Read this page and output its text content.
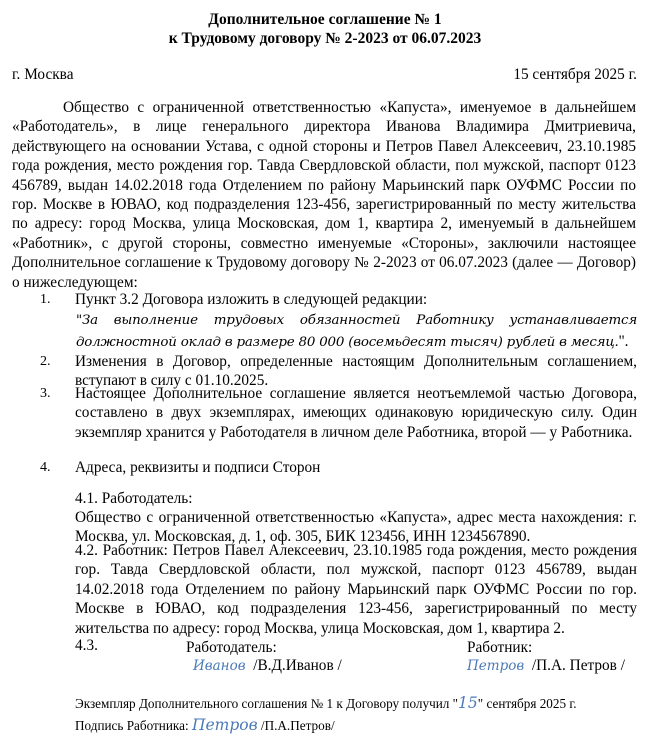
Дополнительное соглашение № 1
к Трудовому договору № 2-2023 от 06.07.2023
г. Москва	15 сентября 2025 г.
Общество с ограниченной ответственностью «Капуста», именуемое в дальнейшем «Работодатель», в лице генерального директора Иванова Владимира Дмитриевича, действующего на основании Устава, с одной стороны и Петров Павел Алексеевич, 23.10.1985 года рождения, место рождения гор. Тавда Свердловской области, пол мужской, паспорт 0123 456789, выдан 14.02.2018 года Отделением по району Марьинский парк ОУФМС России по гор. Москве в ЮВАО, код подразделения 123-456, зарегистрированный по месту жительства по адресу: город Москва, улица Московская, дом 1, квартира 2, именуемый в дальнейшем «Работник», с другой стороны, совместно именуемые «Стороны», заключили настоящее Дополнительное соглашение к Трудовому договору № 2-2023 от 06.07.2023 (далее — Договор) о нижеследующем:
1.	Пункт 3.2 Договора изложить в следующей редакции:
"За выполнение трудовых обязанностей Работнику устанавливается должностной оклад в размере 80 000 (восемьдесят тысяч) рублей в месяц.".
2.	Изменения в Договор, определенные настоящим Дополнительным соглашением, вступают в силу с 01.10.2025.
3.	Настоящее Дополнительное соглашение является неотъемлемой частью Договора, составлено в двух экземплярах, имеющих одинаковую юридическую силу. Один экземпляр хранится у Работодателя в личном деле Работника, второй — у Работника.
4.	Адреса, реквизиты и подписи Сторон
4.1. Работодатель:
Общество с ограниченной ответственностью «Капуста», адрес места нахождения: г. Москва, ул. Московская, д. 1, оф. 305, БИК 123456, ИНН 1234567890.
4.2. Работник: Петров Павел Алексеевич, 23.10.1985 года рождения, место рождения гор. Тавда Свердловской области, пол мужской, паспорт 0123 456789, выдан 14.02.2018 года Отделением по району Марьинский парк ОУФМС России по гор. Москве в ЮВАО, код подразделения 123-456, зарегистрированный по месту жительства по адресу: город Москва, улица Московская, дом 1, квартира 2.
4.3.	Работодатель:
Иванов /В.Д.Иванов /
Работник:
Петров /П.А. Петров /
Экземпляр Дополнительного соглашения № 1 к Договору получил "15" сентября 2025 г.
Подпись Работника: Петров /П.А.Петров/
